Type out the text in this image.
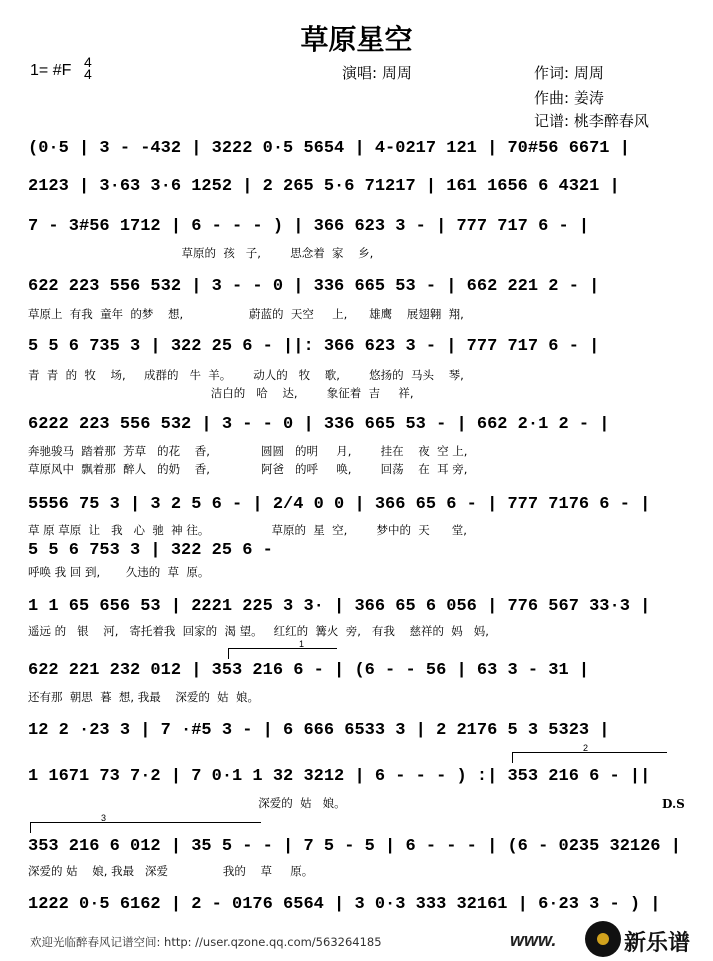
草原星空
1= #F 4
4	演唱: 周周	作词: 周周
作曲: 姜涛
记谱: 桃李醉春风
(0·5 | 3 - -432 | 3222 0·5 5654 | 4-0217 121 | 70#56 6671 |
2123 | 3·63 3·6 1252 | 2 265 5·6 71217 | 161 1656 6 4321 |
7 - 3#56 1712 | 6 - - - ) | 366 623 3 - | 777 717 6 - |
草原的  孩   子,        思念着  家    乡,
622 223 556 532 | 3 - - 0 | 336 665 53 - | 662 221 2 - |
草原上  有我  童年  的梦    想,                  蔚蓝的  天空     上,      雄鹰    展翅翱  翔,
5 5 6 735 3 | 322 25 6 - ||: 366 623 3 - | 777 717 6 - |
青  青  的  牧    场,     成群的   牛  羊。      动人的   牧    歌,        悠扬的  马头    琴,
洁白的   哈    达,        象征着  吉     祥,
6222 223 556 532 | 3 - - 0 | 336 665 53 - | 662 2·1 2 - |
奔驰骏马  踏着那  芳草   的花    香,              圆圆   的明     月,        挂在    夜  空 上,
草原风中  飘着那  醉人   的奶    香,              阿爸   的呼     唤,        回荡    在  耳 旁,
5556 75 3 | 3 2 5 6 - | 2/4 0 0 | 366 65 6 - | 777 7176 6 - |
草 原 草原  让   我   心  驰  神 往。                 草原的  星  空,        梦中的  天      堂,
5 5 6 753 3 | 322 25 6 -
呼唤 我 回 到,       久违的  草  原。
1 1 65 656 53 | 2221 225 3 3· | 366 65 6 056 | 776 567 33·3 |
遥远 的   银    河,   寄托着我  回家的  渴 望。   红红的  篝火  旁,   有我    慈祥的  妈   妈,
1
622 221 232 012 | 353 216 6 - | (6 - - 56 | 63 3 - 31 |
还有那  朝思  暮  想, 我最    深爱的  姑  娘。
12 2 ·23 3 | 7 ·#5 3 - | 6 666 6533 3 | 2 2176 5 3 5323 |
2
1 1671 73 7·2 | 7 0·1 1 32 3212 | 6 - - - ) :| 353 216 6 - ||
深爱的  姑   娘。	D.S
3
353 216 6 012 | 35 5 - - | 7 5 - 5 | 6 - - - | (6 - 0235 32126 |
深爱的 姑    娘, 我最   深爱               我的    草     原。
1222 0·5 6162 | 2 - 0176 6564 | 3 0·3 333 32161 | 6·23 3 - ) |
欢迎光临醉春风记谱空间: http: //user.qzone.qq.com/563264185	www.	新乐谱
